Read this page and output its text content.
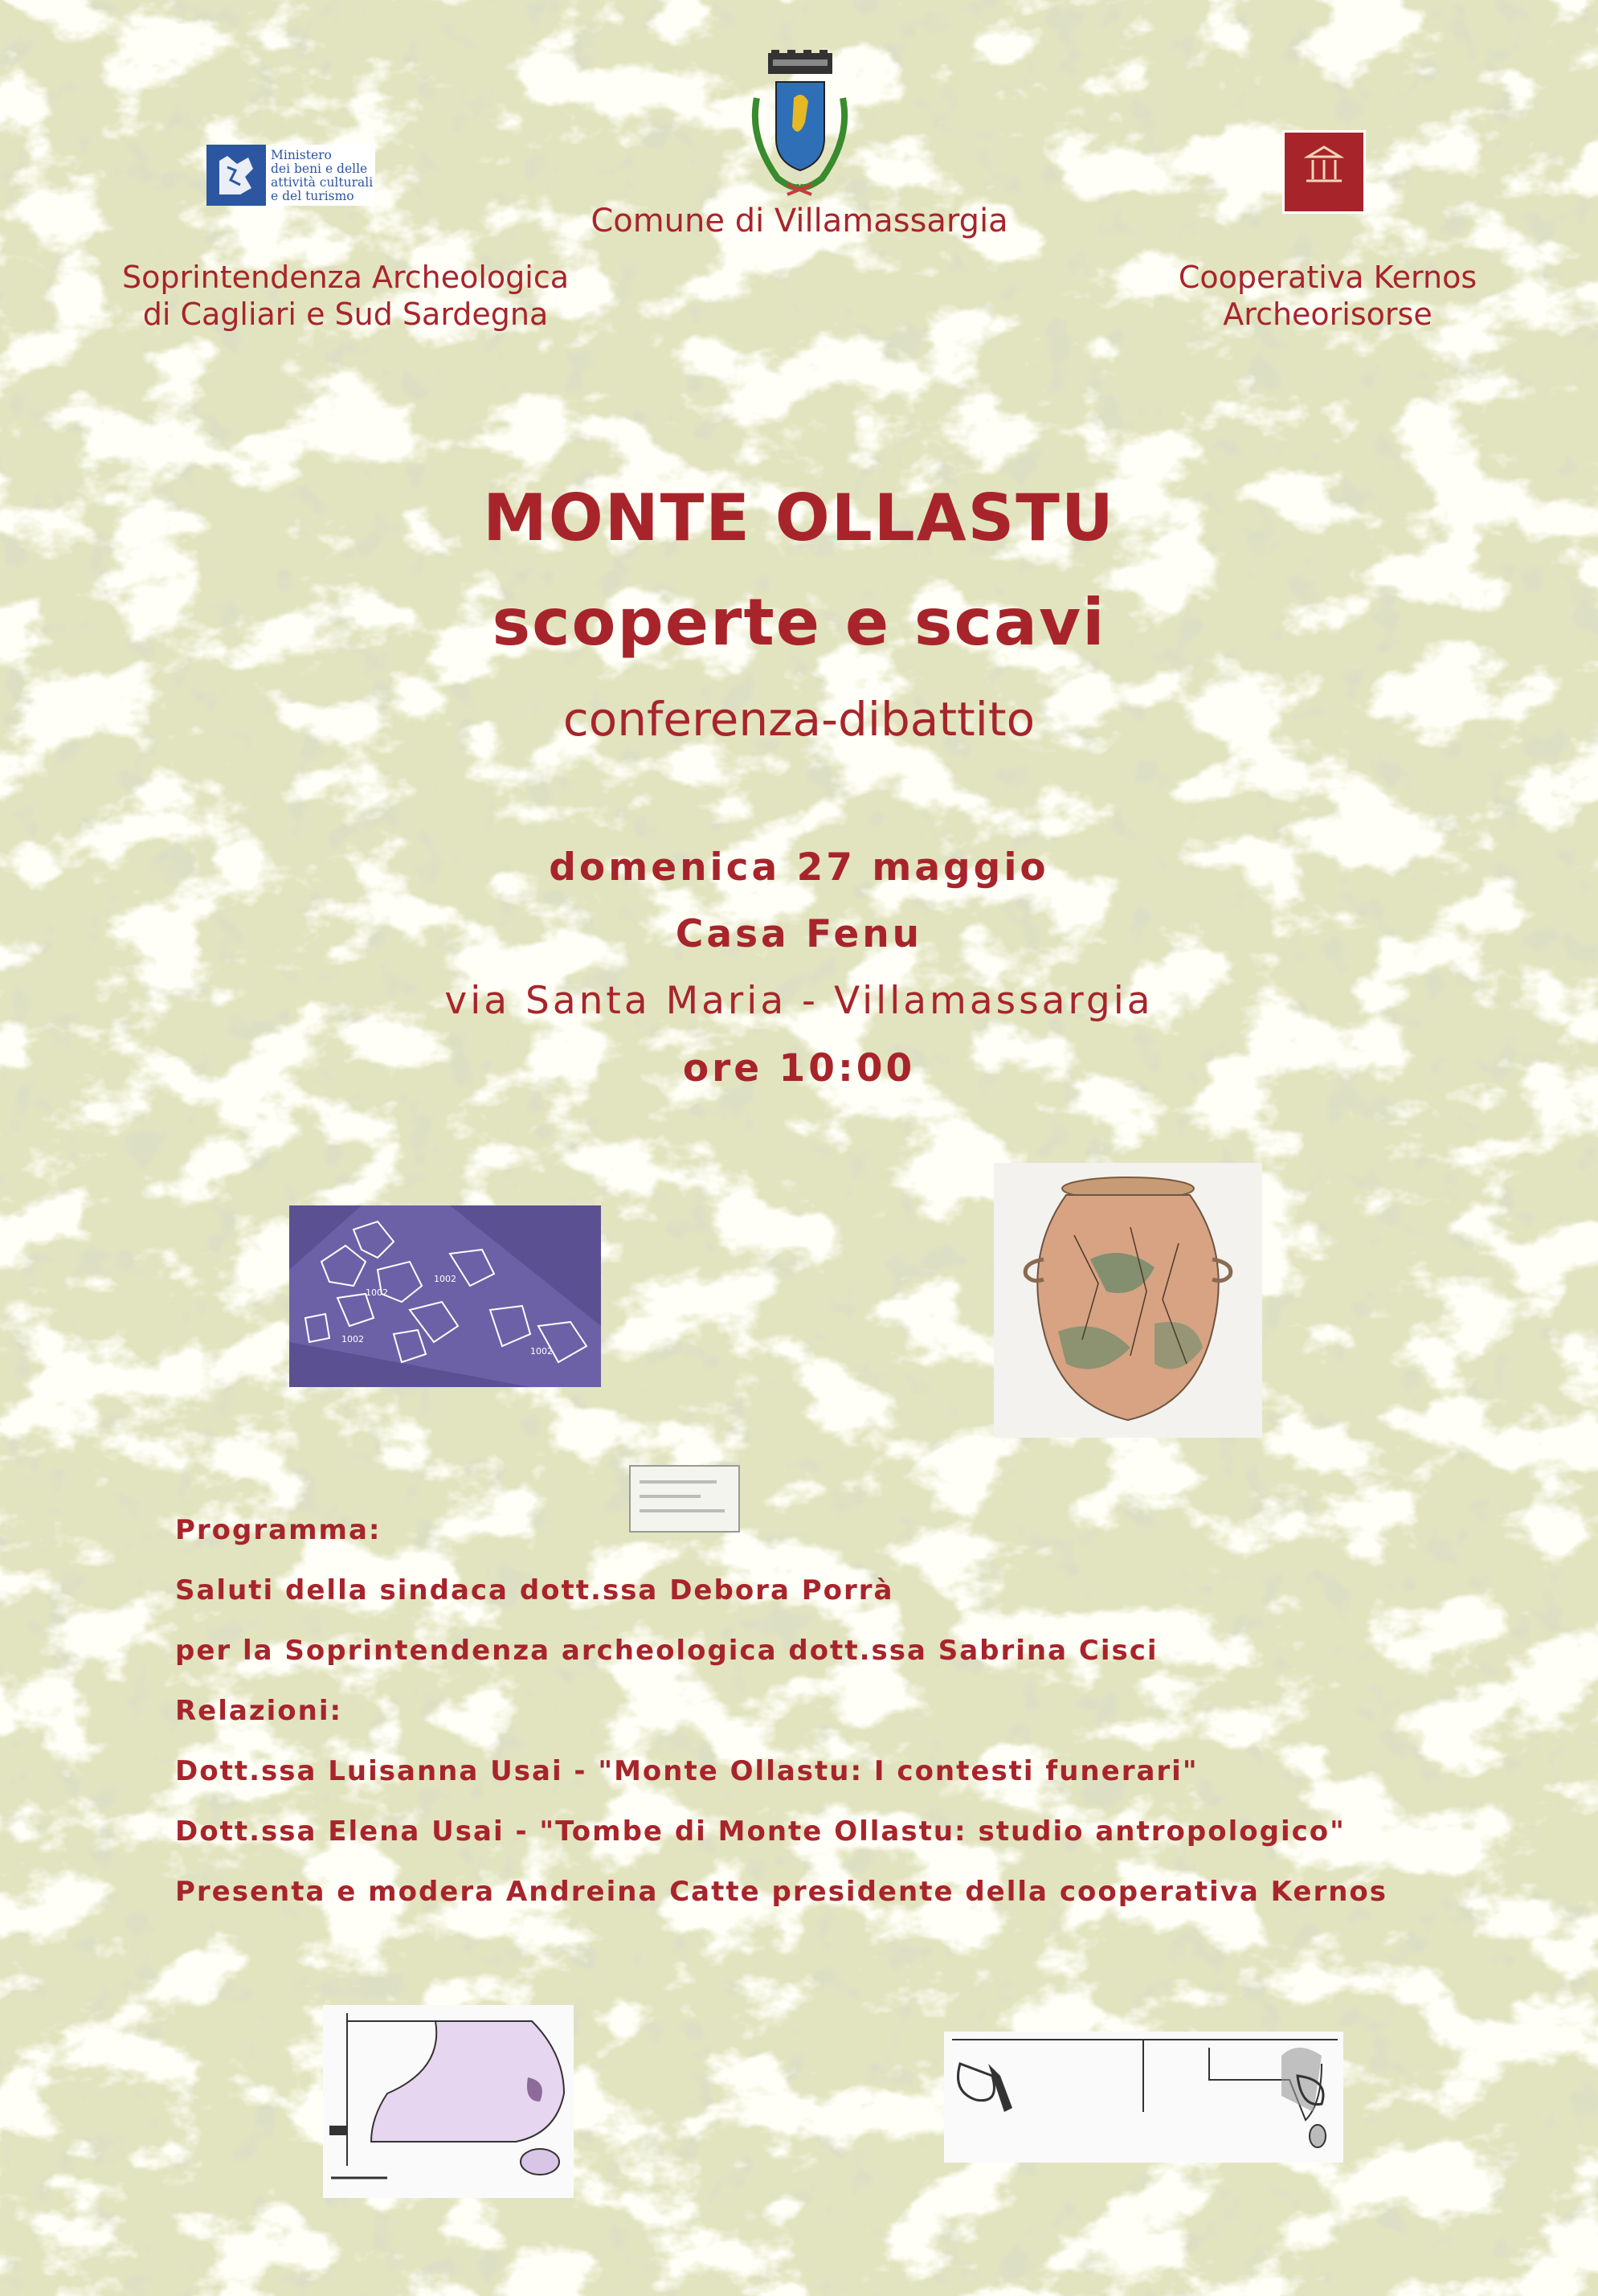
Comune di Villamassargia
Ministero
dei beni e delle
attività culturali
e del turismo
Soprintendenza Archeologica
di Cagliari e Sud Sardegna
Cooperativa Kernos
Archeorisorse
MONTE OLLASTU
scoperte e scavi
conferenza-dibattito
domenica 27 maggio
Casa Fenu
via Santa Maria - Villamassargia
ore 10:00
1002
1002
1002
1002
Programma:
Saluti della sindaca dott.ssa Debora Porrà
per la Soprintendenza archeologica dott.ssa Sabrina Cisci
Relazioni:
Dott.ssa Luisanna Usai - "Monte Ollastu: I contesti funerari"
Dott.ssa Elena Usai - "Tombe di Monte Ollastu: studio antropologico"
Presenta e modera Andreina Catte presidente della cooperativa Kernos
